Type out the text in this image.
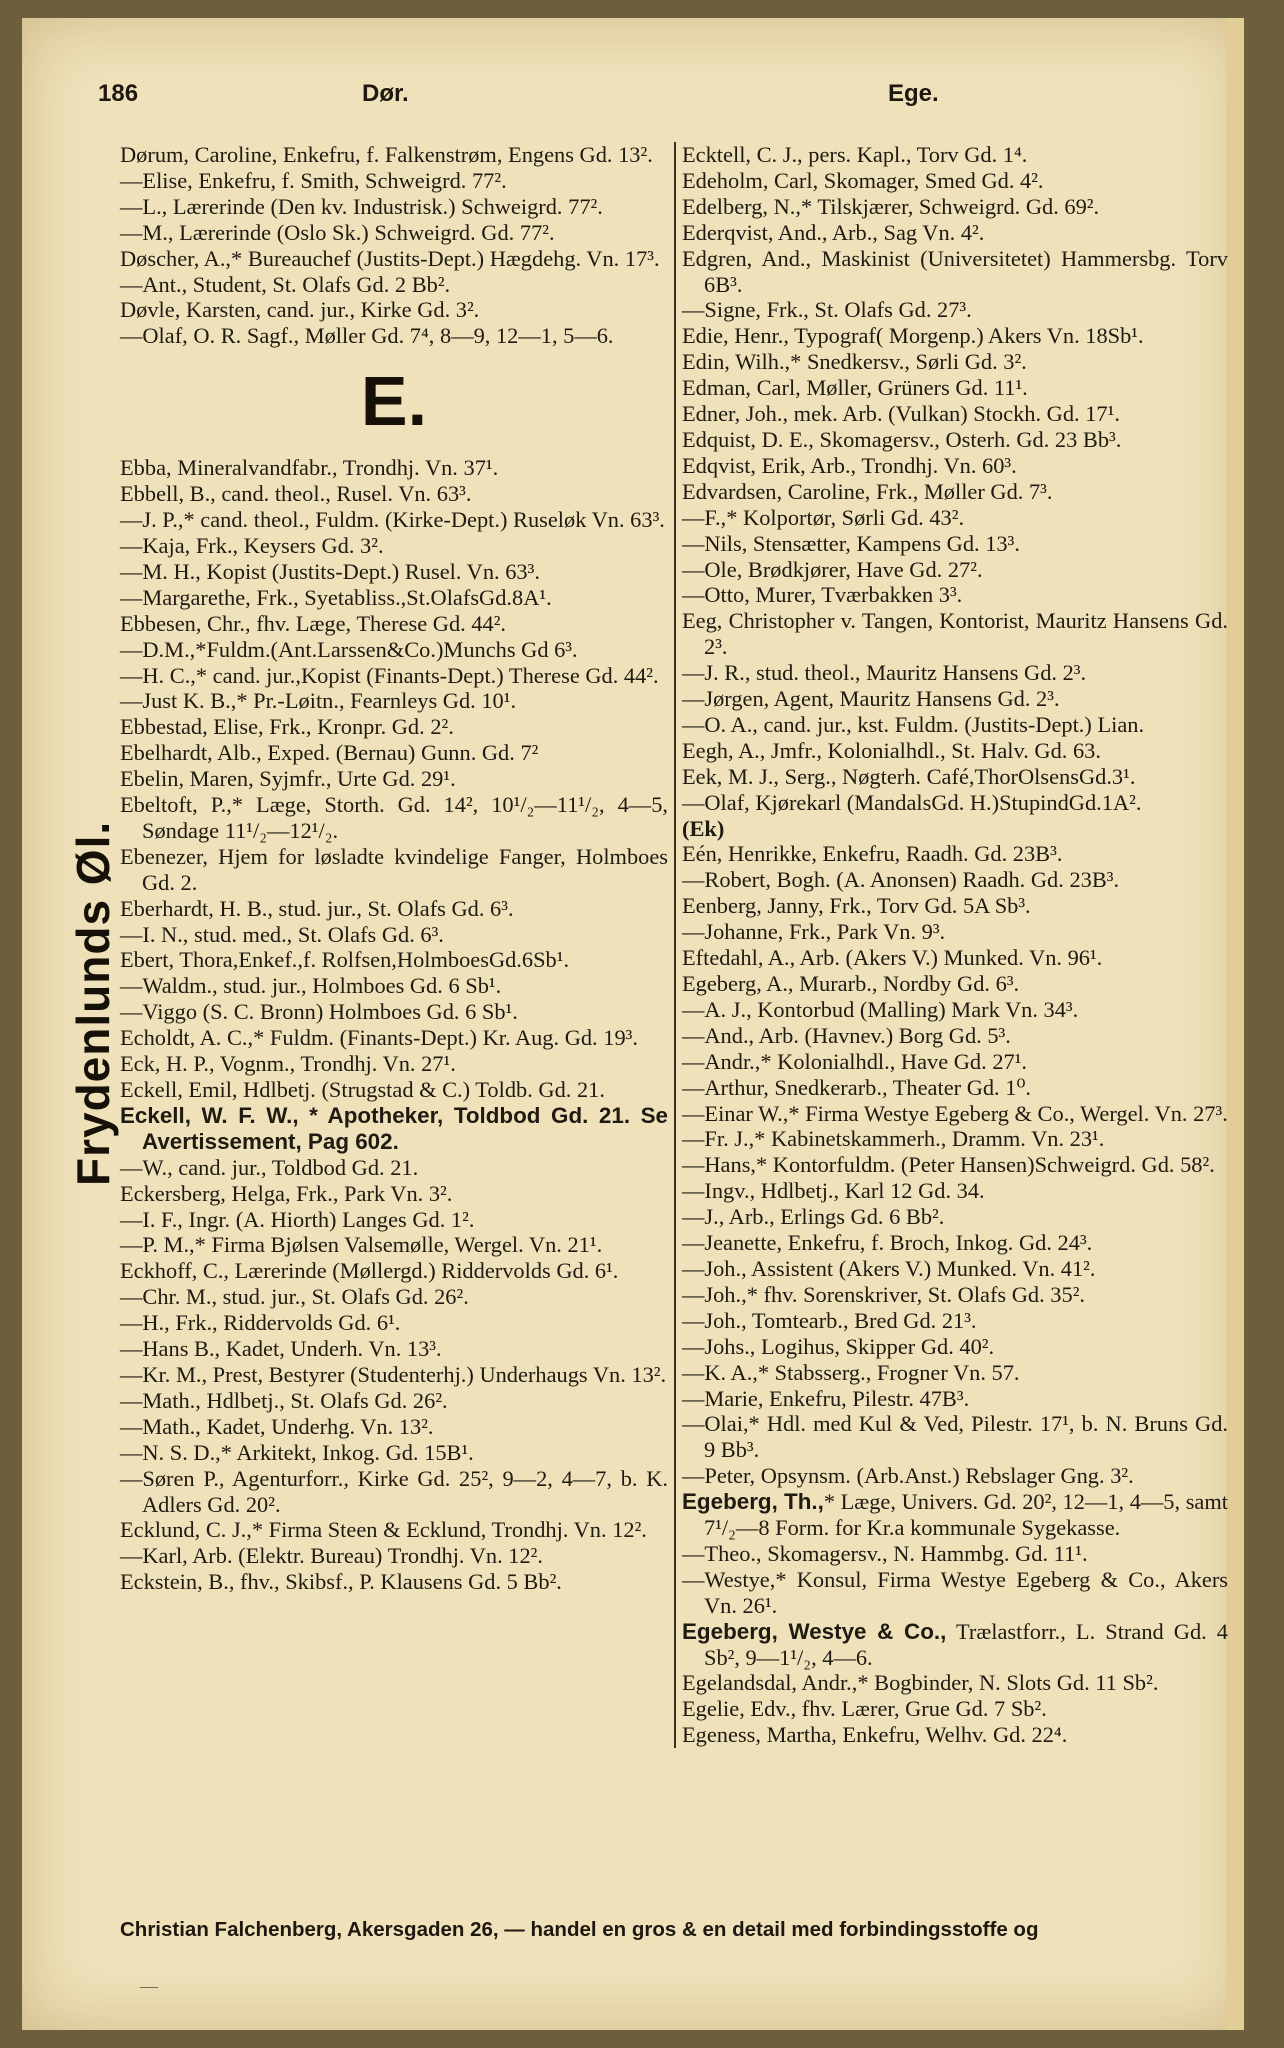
186	Dør.	Ege.
Frydenlunds Øl.

Dørum, Caroline, Enkefru, f. Falkenstrøm, Engens Gd. 13².

—Elise, Enkefru, f. Smith, Schweigrd. 77².

—L., Lærerinde (Den kv. Industrisk.) Schweigrd. 77².

—M., Lærerinde (Oslo Sk.) Schweigrd. Gd. 77².

Døscher, A.,* Bureauchef (Justits-Dept.) Hægdehg. Vn. 17³.

—Ant., Student, St. Olafs Gd. 2 Bb².

Døvle, Karsten, cand. jur., Kirke Gd. 3².

—Olaf, O. R. Sagf., Møller Gd. 7⁴, 8—9, 12—1, 5—6.

E.

Ebba, Mineralvandfabr., Trondhj. Vn. 37¹.

Ebbell, B., cand. theol., Rusel. Vn. 63³.

—J. P.,* cand. theol., Fuldm. (Kirke-Dept.) Ruseløk Vn. 63³.

—Kaja, Frk., Keysers Gd. 3².

—M. H., Kopist (Justits-Dept.) Rusel. Vn. 63³.

—Margarethe, Frk., Syetabliss.,St.OlafsGd.8A¹.

Ebbesen, Chr., fhv. Læge, Therese Gd. 44².

—D.M.,*Fuldm.(Ant.Larssen&Co.)Munchs Gd 6³.

—H. C.,* cand. jur.,Kopist (Finants-Dept.) Therese Gd. 44².

—Just K. B.,* Pr.-Løitn., Fearnleys Gd. 10¹.

Ebbestad, Elise, Frk., Kronpr. Gd. 2².

Ebelhardt, Alb., Exped. (Bernau) Gunn. Gd. 7²

Ebelin, Maren, Syjmfr., Urte Gd. 29¹.

Ebeltoft, P.,* Læge, Storth. Gd. 14², 10¹/₂—11¹/₂, 4—5, Søndage 11¹/₂—12¹/₂.

Ebenezer, Hjem for løsladte kvindelige Fanger, Holmboes Gd. 2.

Eberhardt, H. B., stud. jur., St. Olafs Gd. 6³.

—I. N., stud. med., St. Olafs Gd. 6³.

Ebert, Thora,Enkef.,f. Rolfsen,HolmboesGd.6Sb¹.

—Waldm., stud. jur., Holmboes Gd. 6 Sb¹.

—Viggo (S. C. Bronn) Holmboes Gd. 6 Sb¹.

Echoldt, A. C.,* Fuldm. (Finants-Dept.) Kr. Aug. Gd. 19³.

Eck, H. P., Vognm., Trondhj. Vn. 27¹.

Eckell, Emil, Hdlbetj. (Strugstad & C.) Toldb. Gd. 21.

Eckell, W. F. W., * Apotheker, Toldbod Gd. 21. Se Avertissement, Pag 602.

—W., cand. jur., Toldbod Gd. 21.

Eckersberg, Helga, Frk., Park Vn. 3².

—I. F., Ingr. (A. Hiorth) Langes Gd. 1².

—P. M.,* Firma Bjølsen Valsemølle, Wergel. Vn. 21¹.

Eckhoff, C., Lærerinde (Møllergd.) Riddervolds Gd. 6¹.

—Chr. M., stud. jur., St. Olafs Gd. 26².

—H., Frk., Riddervolds Gd. 6¹.

—Hans B., Kadet, Underh. Vn. 13³.

—Kr. M., Prest, Bestyrer (Studenterhj.) Underhaugs Vn. 13².

—Math., Hdlbetj., St. Olafs Gd. 26².

—Math., Kadet, Underhg. Vn. 13².

—N. S. D.,* Arkitekt, Inkog. Gd. 15B¹.

—Søren P., Agenturforr., Kirke Gd. 25², 9—2, 4—7, b. K. Adlers Gd. 20².

Ecklund, C. J.,* Firma Steen & Ecklund, Trondhj. Vn. 12².

—Karl, Arb. (Elektr. Bureau) Trondhj. Vn. 12².

Eckstein, B., fhv., Skibsf., P. Klausens Gd. 5 Bb².

Ecktell, C. J., pers. Kapl., Torv Gd. 1⁴.

Edeholm, Carl, Skomager, Smed Gd. 4².

Edelberg, N.,* Tilskjærer, Schweigrd. Gd. 69².

Ederqvist, And., Arb., Sag Vn. 4².

Edgren, And., Maskinist (Universitetet) Hammersbg. Torv 6B³.

—Signe, Frk., St. Olafs Gd. 27³.

Edie, Henr., Typograf( Morgenp.) Akers Vn. 18Sb¹.

Edin, Wilh.,* Snedkersv., Sørli Gd. 3².

Edman, Carl, Møller, Grüners Gd. 11¹.

Edner, Joh., mek. Arb. (Vulkan) Stockh. Gd. 17¹.

Edquist, D. E., Skomagersv., Osterh. Gd. 23 Bb³.

Edqvist, Erik, Arb., Trondhj. Vn. 60³.

Edvardsen, Caroline, Frk., Møller Gd. 7³.

—F.,* Kolportør, Sørli Gd. 43².

—Nils, Stensætter, Kampens Gd. 13³.

—Ole, Brødkjører, Have Gd. 27².

—Otto, Murer, Tværbakken 3³.

Eeg, Christopher v. Tangen, Kontorist, Mauritz Hansens Gd. 2³.

—J. R., stud. theol., Mauritz Hansens Gd. 2³.

—Jørgen, Agent, Mauritz Hansens Gd. 2³.

—O. A., cand. jur., kst. Fuldm. (Justits-Dept.) Lian.

Eegh, A., Jmfr., Kolonialhdl., St. Halv. Gd. 63.

Eek, M. J., Serg., Nøgterh. Café,ThorOlsensGd.3¹.

—Olaf, Kjørekarl (MandalsGd. H.)StupindGd.1A².

(Ek)

Eén, Henrikke, Enkefru, Raadh. Gd. 23B³.

—Robert, Bogh. (A. Anonsen) Raadh. Gd. 23B³.

Eenberg, Janny, Frk., Torv Gd. 5A Sb³.

—Johanne, Frk., Park Vn. 9³.

Eftedahl, A., Arb. (Akers V.) Munked. Vn. 96¹.

Egeberg, A., Murarb., Nordby Gd. 6³.

—A. J., Kontorbud (Malling) Mark Vn. 34³.

—And., Arb. (Havnev.) Borg Gd. 5³.

—Andr.,* Kolonialhdl., Have Gd. 27¹.

—Arthur, Snedkerarb., Theater Gd. 1⁰.

—Einar W.,* Firma Westye Egeberg & Co., Wergel. Vn. 27³.

—Fr. J.,* Kabinetskammerh., Dramm. Vn. 23¹.

—Hans,* Kontorfuldm. (Peter Hansen)Schweigrd. Gd. 58².

—Ingv., Hdlbetj., Karl 12 Gd. 34.

—J., Arb., Erlings Gd. 6 Bb².

—Jeanette, Enkefru, f. Broch, Inkog. Gd. 24³.

—Joh., Assistent (Akers V.) Munked. Vn. 41².

—Joh.,* fhv. Sorenskriver, St. Olafs Gd. 35².

—Joh., Tomtearb., Bred Gd. 21³.

—Johs., Logihus, Skipper Gd. 40².

—K. A.,* Stabsserg., Frogner Vn. 57.

—Marie, Enkefru, Pilestr. 47B³.

—Olai,* Hdl. med Kul & Ved, Pilestr. 17¹, b. N. Bruns Gd. 9 Bb³.

—Peter, Opsynsm. (Arb.Anst.) Rebslager Gng. 3².

Egeberg, Th.,* Læge, Univers. Gd. 20², 12—1, 4—5, samt 7¹/₂—8 Form. for Kr.a kommunale Sygekasse.

—Theo., Skomagersv., N. Hammbg. Gd. 11¹.

—Westye,* Konsul, Firma Westye Egeberg & Co., Akers Vn. 26¹.

Egeberg, Westye & Co., Trælastforr., L. Strand Gd. 4 Sb², 9—1¹/₂, 4—6.

Egelandsdal, Andr.,* Bogbinder, N. Slots Gd. 11 Sb².

Egelie, Edv., fhv. Lærer, Grue Gd. 7 Sb².

Egeness, Martha, Enkefru, Welhv. Gd. 22⁴.

Christian Falchenberg, Akersgaden 26, — handel en gros & en detail med forbindingsstoffe og
—
